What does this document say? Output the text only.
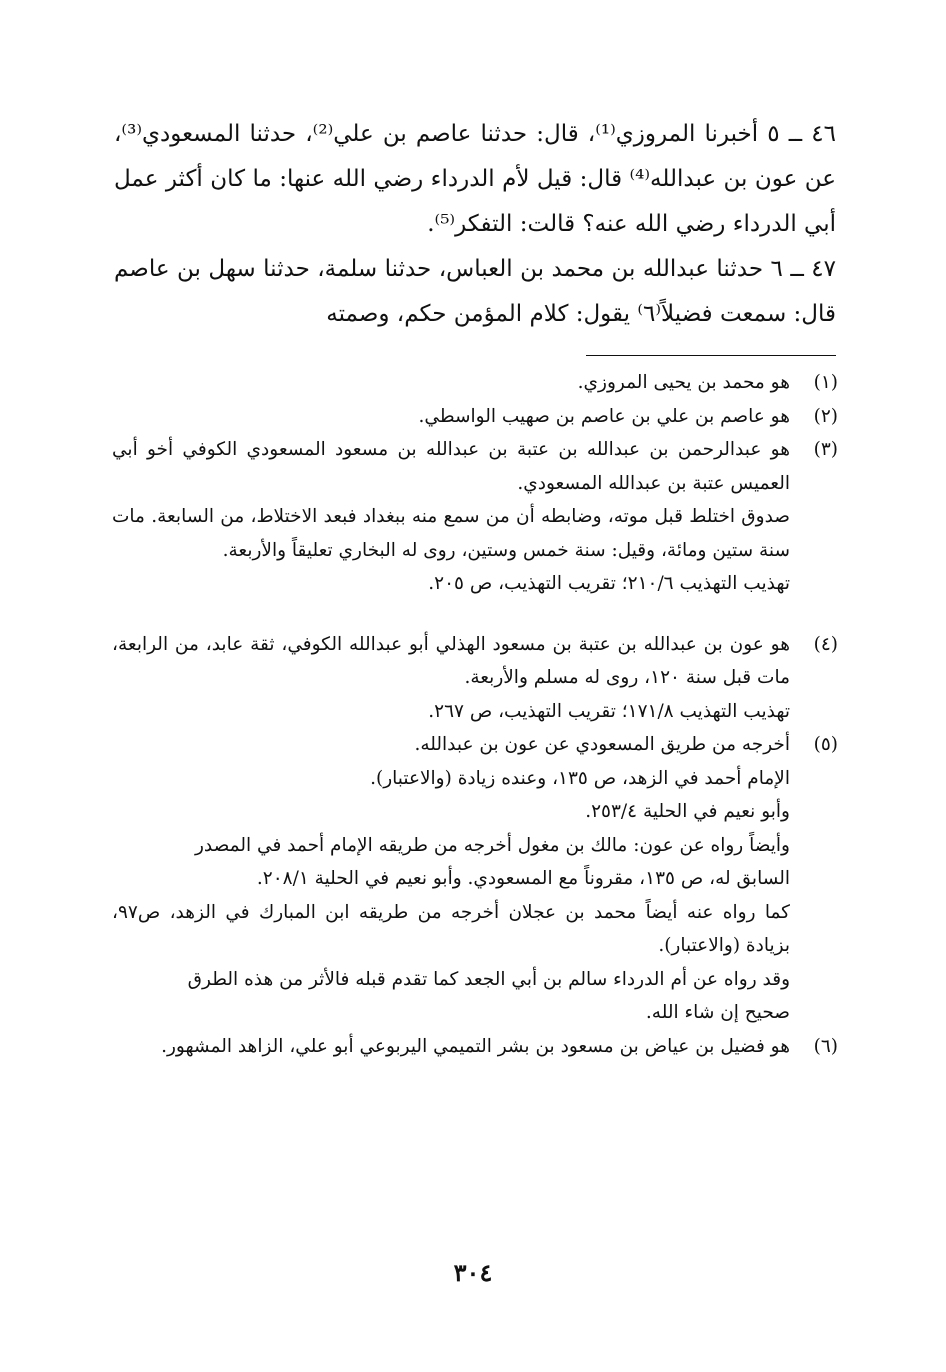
٤٦ ــ ٥ أخبرنا المروزي⁽¹⁾، قال: حدثنا عاصم بن علي⁽²⁾، حدثنا المسعودي⁽³⁾، عن عون بن عبدالله⁽⁴⁾ قال: قيل لأم الدرداء رضي الله عنها: ما كان أكثر عمل أبي الدرداء رضي الله عنه؟ قالت: التفكر⁽⁵⁾.

٤٧ ــ ٦ حدثنا عبدالله بن محمد بن العباس، حدثنا سلمة، حدثنا سهل بن عاصم قال: سمعت فضيلاً⁽٦⁾ يقول: كلام المؤمن حكم، وصمته

(١)
هو محمد بن يحيى المروزي.
(٢)
هو عاصم بن علي بن عاصم بن صهيب الواسطي.
(٣)
هو عبدالرحمن بن عبدالله بن عتبة بن عبدالله بن مسعود المسعودي الكوفي أخو أبي العميس عتبة بن عبدالله المسعودي.
صدوق اختلط قبل موته، وضابطه أن من سمع منه ببغداد فبعد الاختلاط، من السابعة. مات سنة ستين ومائة، وقيل: سنة خمس وستين، روى له البخاري تعليقاً والأربعة.
تهذيب التهذيب ٢١٠/٦؛ تقريب التهذيب، ص ٢٠٥.
(٤)
هو عون بن عبدالله بن عتبة بن مسعود الهذلي أبو عبدالله الكوفي، ثقة عابد، من الرابعة، مات قبل سنة ١٢٠، روى له مسلم والأربعة.
تهذيب التهذيب ١٧١/٨؛ تقريب التهذيب، ص ٢٦٧.
(٥)
أخرجه من طريق المسعودي عن عون بن عبدالله.
الإمام أحمد في الزهد، ص ١٣٥، وعنده زيادة (والاعتبار).
وأبو نعيم في الحلية ٢٥٣/٤.
وأيضاً رواه عن عون: مالك بن مغول أخرجه من طريقه الإمام أحمد في المصدر
السابق له، ص ١٣٥، مقروناً مع المسعودي. وأبو نعيم في الحلية ٢٠٨/١.
كما رواه عنه أيضاً محمد بن عجلان أخرجه من طريقه ابن المبارك في الزهد، ص٩٧، بزيادة (والاعتبار).
وقد رواه عن أم الدرداء سالم بن أبي الجعد كما تقدم قبله فالأثر من هذه الطرق
صحيح إن شاء الله.
(٦)
هو فضيل بن عياض بن مسعود بن بشر التميمي اليربوعي أبو علي، الزاهد المشهور.
٣٠٤
